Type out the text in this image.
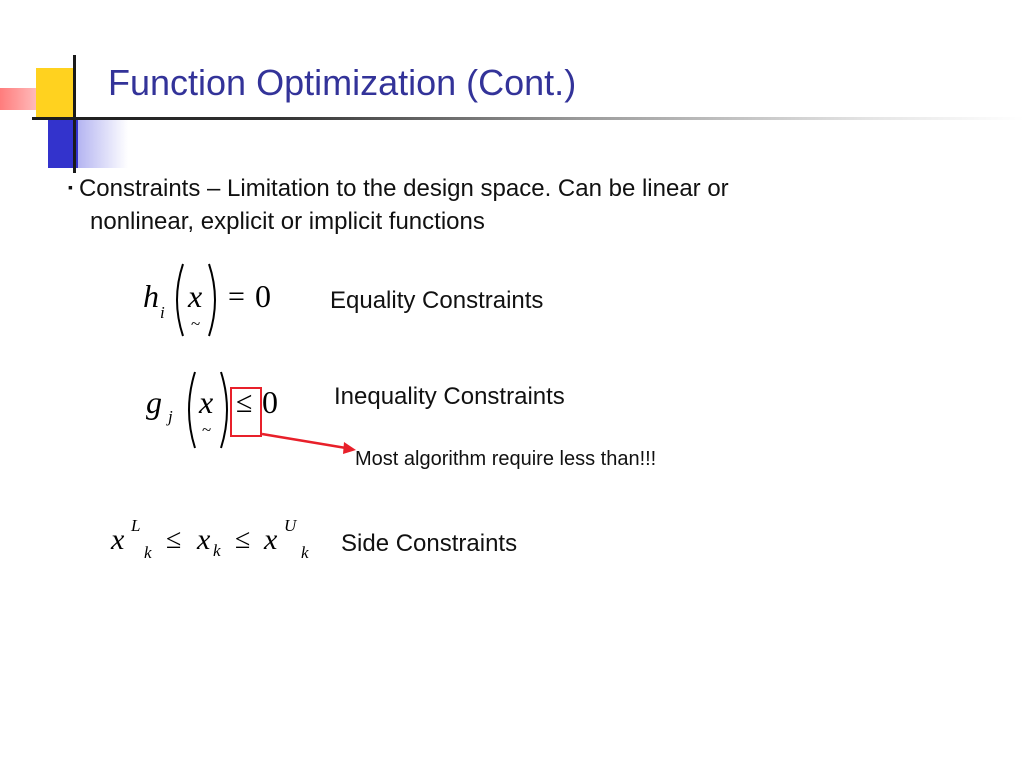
Function Optimization (Cont.)
▪ Constraints – Limitation to the design space. Can be linear or
nonlinear, explicit or implicit functions
h i x
~
= 0 Equality Constraints
g j x
~
≤ 0 Inequality Constraints
Most algorithm require less than!!!
x L
k ≤ x k ≤ x U
k Side Constraints
